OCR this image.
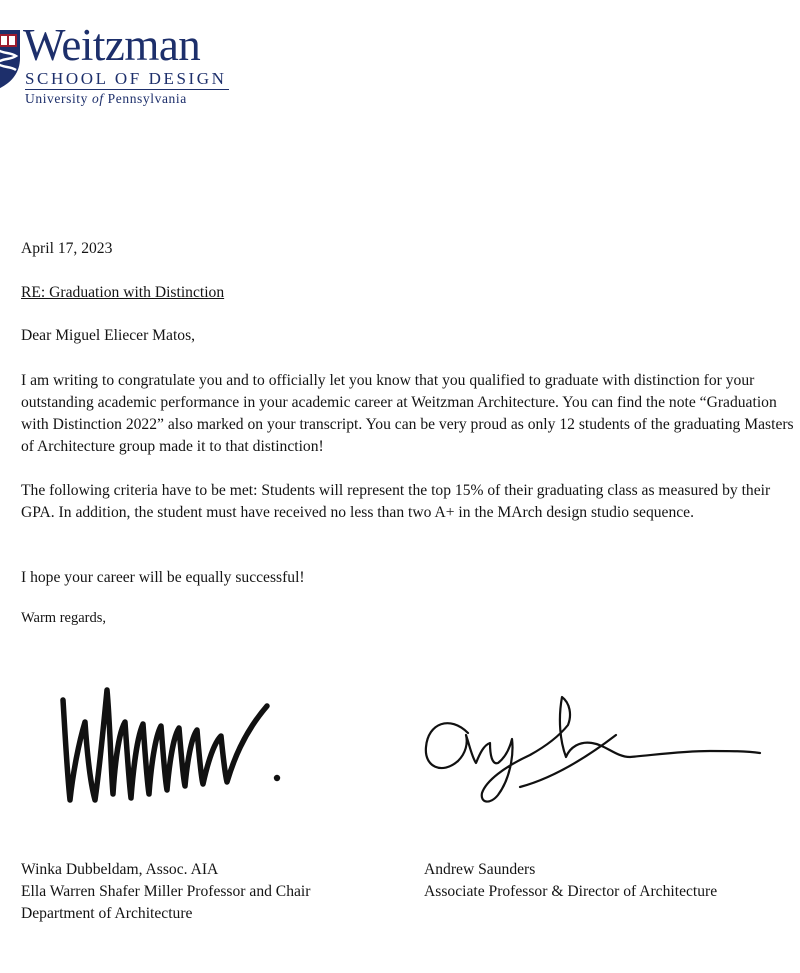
Weitzman
SCHOOL OF DESIGN
University of Pennsylvania
April 17, 2023
RE: Graduation with Distinction
Dear Miguel Eliecer Matos,
I am writing to congratulate you and to officially let you know that you qualified to graduate with distinction for your outstanding academic performance in your academic career at Weitzman Architecture. You can find the note “Graduation with Distinction 2022” also marked on your transcript. You can be very proud as only 12 students of the graduating Masters of Architecture group made it to that distinction!
The following criteria have to be met: Students will represent the top 15% of their graduating class as measured by their GPA. In addition, the student must have received no less than two A+ in the MArch design studio sequence.
I hope your career will be equally successful!
Warm regards,
Winka Dubbeldam, Assoc. AIA
Ella Warren Shafer Miller Professor and Chair
Department of Architecture
Andrew Saunders
Associate Professor & Director of Architecture
